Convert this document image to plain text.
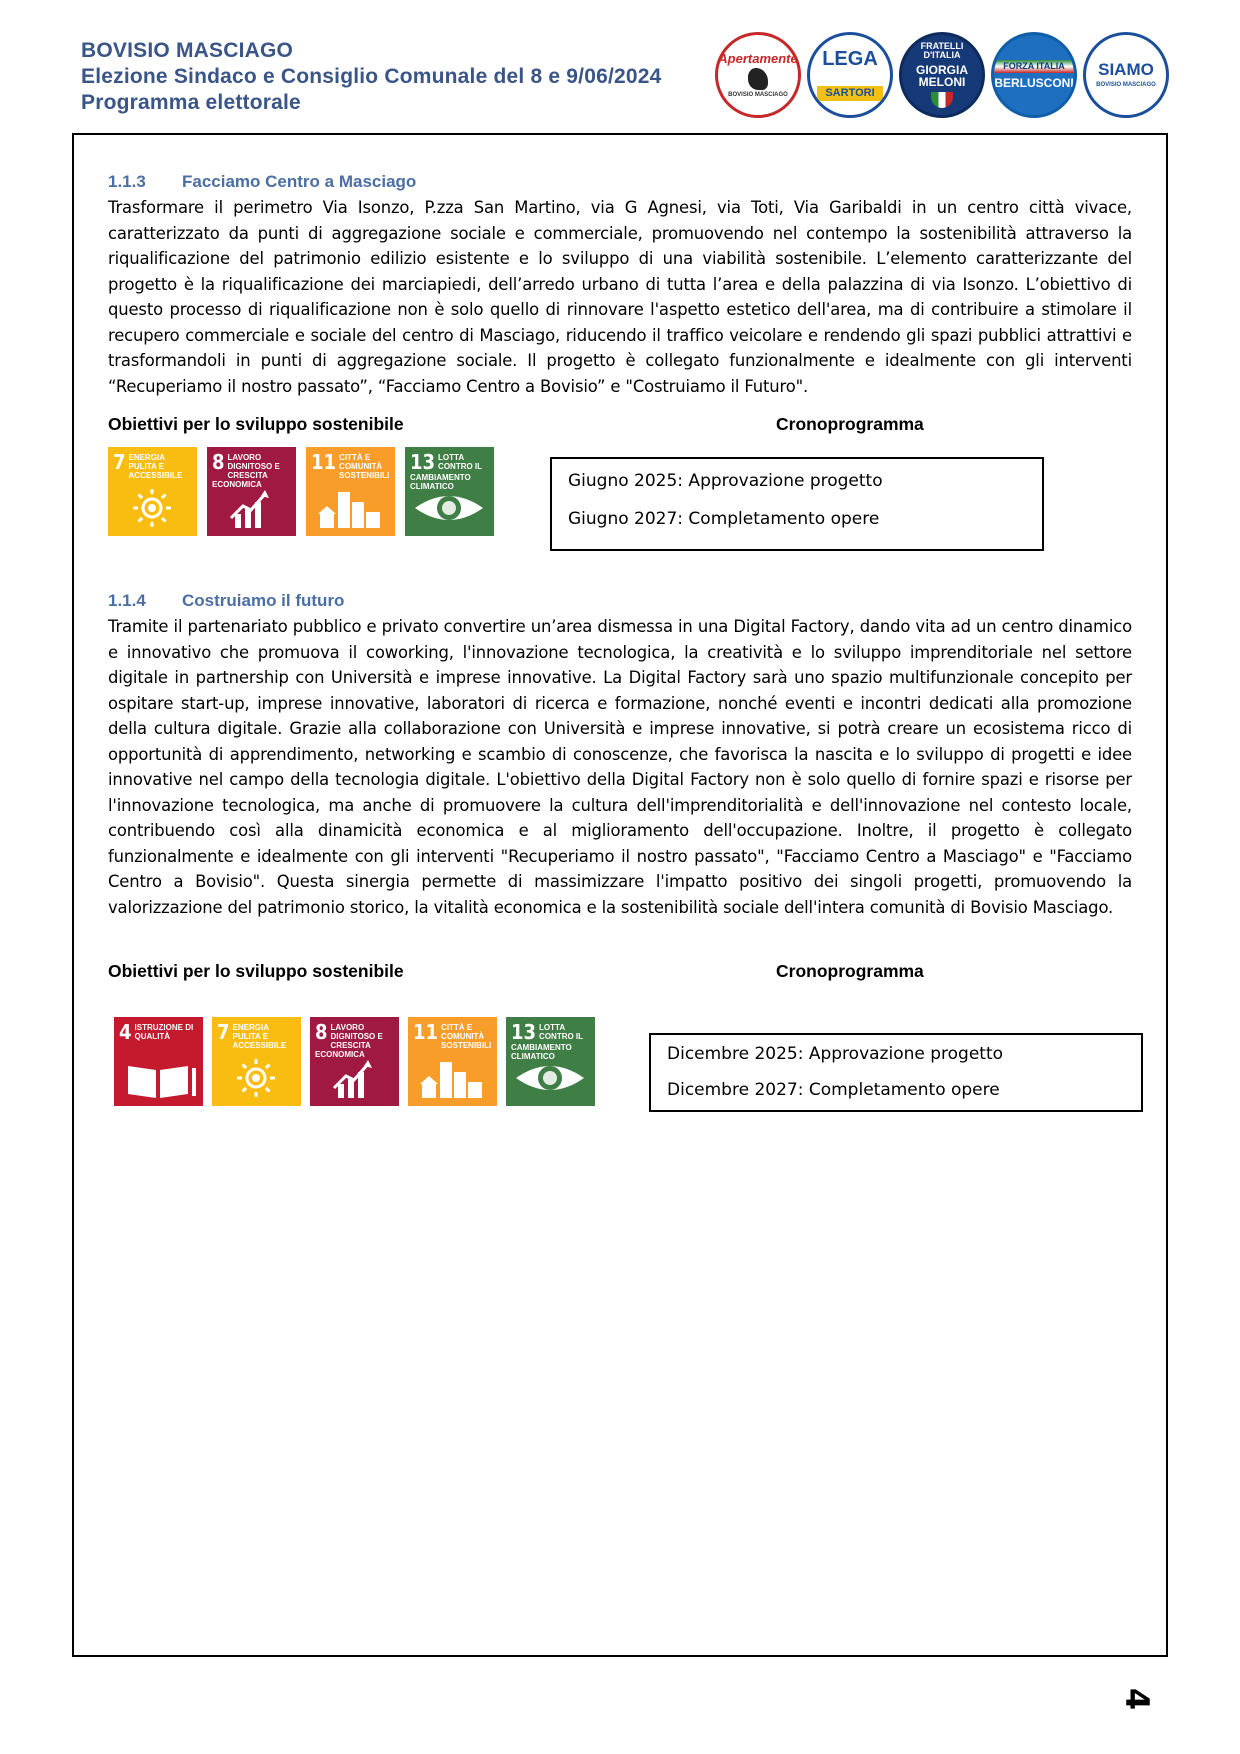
BOVISIO MASCIAGO
Elezione Sindaco e Consiglio Comunale del 8 e 9/06/2024
Programma elettorale
Apertamente
BOVISIO MASCIAGO
LEGA
SARTORI
FRATELLI D'ITALIA
GIORGIA MELONI
FORZA ITALIA
BERLUSCONI
SIAMO
BOVISIO MASCIAGO
1.1.3 Facciamo Centro a Masciago

Trasformare il perimetro Via Isonzo, P.zza San Martino, via G Agnesi, via Toti, Via Garibaldi in un centro città vivace, caratterizzato da punti di aggregazione sociale e commerciale, promuovendo nel contempo la sostenibilità attraverso la riqualificazione del patrimonio edilizio esistente e lo sviluppo di una viabilità sostenibile. L’elemento caratterizzante del progetto è la riqualificazione dei marciapiedi, dell’arredo urbano di tutta l’area e della palazzina di via Isonzo. L’obiettivo di questo processo di riqualificazione non è solo quello di rinnovare l'aspetto estetico dell'area, ma di contribuire a stimolare il recupero commerciale e sociale del centro di Masciago, riducendo il traffico veicolare e rendendo gli spazi pubblici attrattivi e trasformandoli in punti di aggregazione sociale. Il progetto è collegato funzionalmente e idealmente con gli interventi “Recuperiamo il nostro passato”, “Facciamo Centro a Bovisio” e "Costruiamo il Futuro".

Obiettivi per lo sviluppo sostenibile	Cronoprogramma
7 ENERGIA PULITA E ACCESSIBILE
8 LAVORO DIGNITOSO E CRESCITA ECONOMICA
11 CITTÀ E COMUNITÀ SOSTENIBILI
13 LOTTA CONTRO IL CAMBIAMENTO CLIMATICO	Giugno 2025: Approvazione progetto
Giugno 2027: Completamento opere
1.1.4 Costruiamo il futuro

Tramite il partenariato pubblico e privato convertire un’area dismessa in una Digital Factory, dando vita ad un centro dinamico e innovativo che promuova il coworking, l'innovazione tecnologica, la creatività e lo sviluppo imprenditoriale nel settore digitale in partnership con Università e imprese innovative. La Digital Factory sarà uno spazio multifunzionale concepito per ospitare start-up, imprese innovative, laboratori di ricerca e formazione, nonché eventi e incontri dedicati alla promozione della cultura digitale. Grazie alla collaborazione con Università e imprese innovative, si potrà creare un ecosistema ricco di opportunità di apprendimento, networking e scambio di conoscenze, che favorisca la nascita e lo sviluppo di progetti e idee innovative nel campo della tecnologia digitale. L'obiettivo della Digital Factory non è solo quello di fornire spazi e risorse per l'innovazione tecnologica, ma anche di promuovere la cultura dell'imprenditorialità e dell'innovazione nel contesto locale, contribuendo così alla dinamicità economica e al miglioramento dell'occupazione. Inoltre, il progetto è collegato funzionalmente e idealmente con gli interventi "Recuperiamo il nostro passato", "Facciamo Centro a Masciago" e "Facciamo Centro a Bovisio". Questa sinergia permette di massimizzare l'impatto positivo dei singoli progetti, promuovendo la valorizzazione del patrimonio storico, la vitalità economica e la sostenibilità sociale dell'intera comunità di Bovisio Masciago.

Obiettivi per lo sviluppo sostenibile	Cronoprogramma
4 ISTRUZIONE DI QUALITÀ	7 ENERGIA PULITA E ACCESSIBILE
8 LAVORO DIGNITOSO E CRESCITA ECONOMICA
11 CITTÀ E COMUNITÀ SOSTENIBILI
13 LOTTA CONTRO IL CAMBIAMENTO CLIMATICO	Dicembre 2025: Approvazione progetto
Dicembre 2027: Completamento opere
4
